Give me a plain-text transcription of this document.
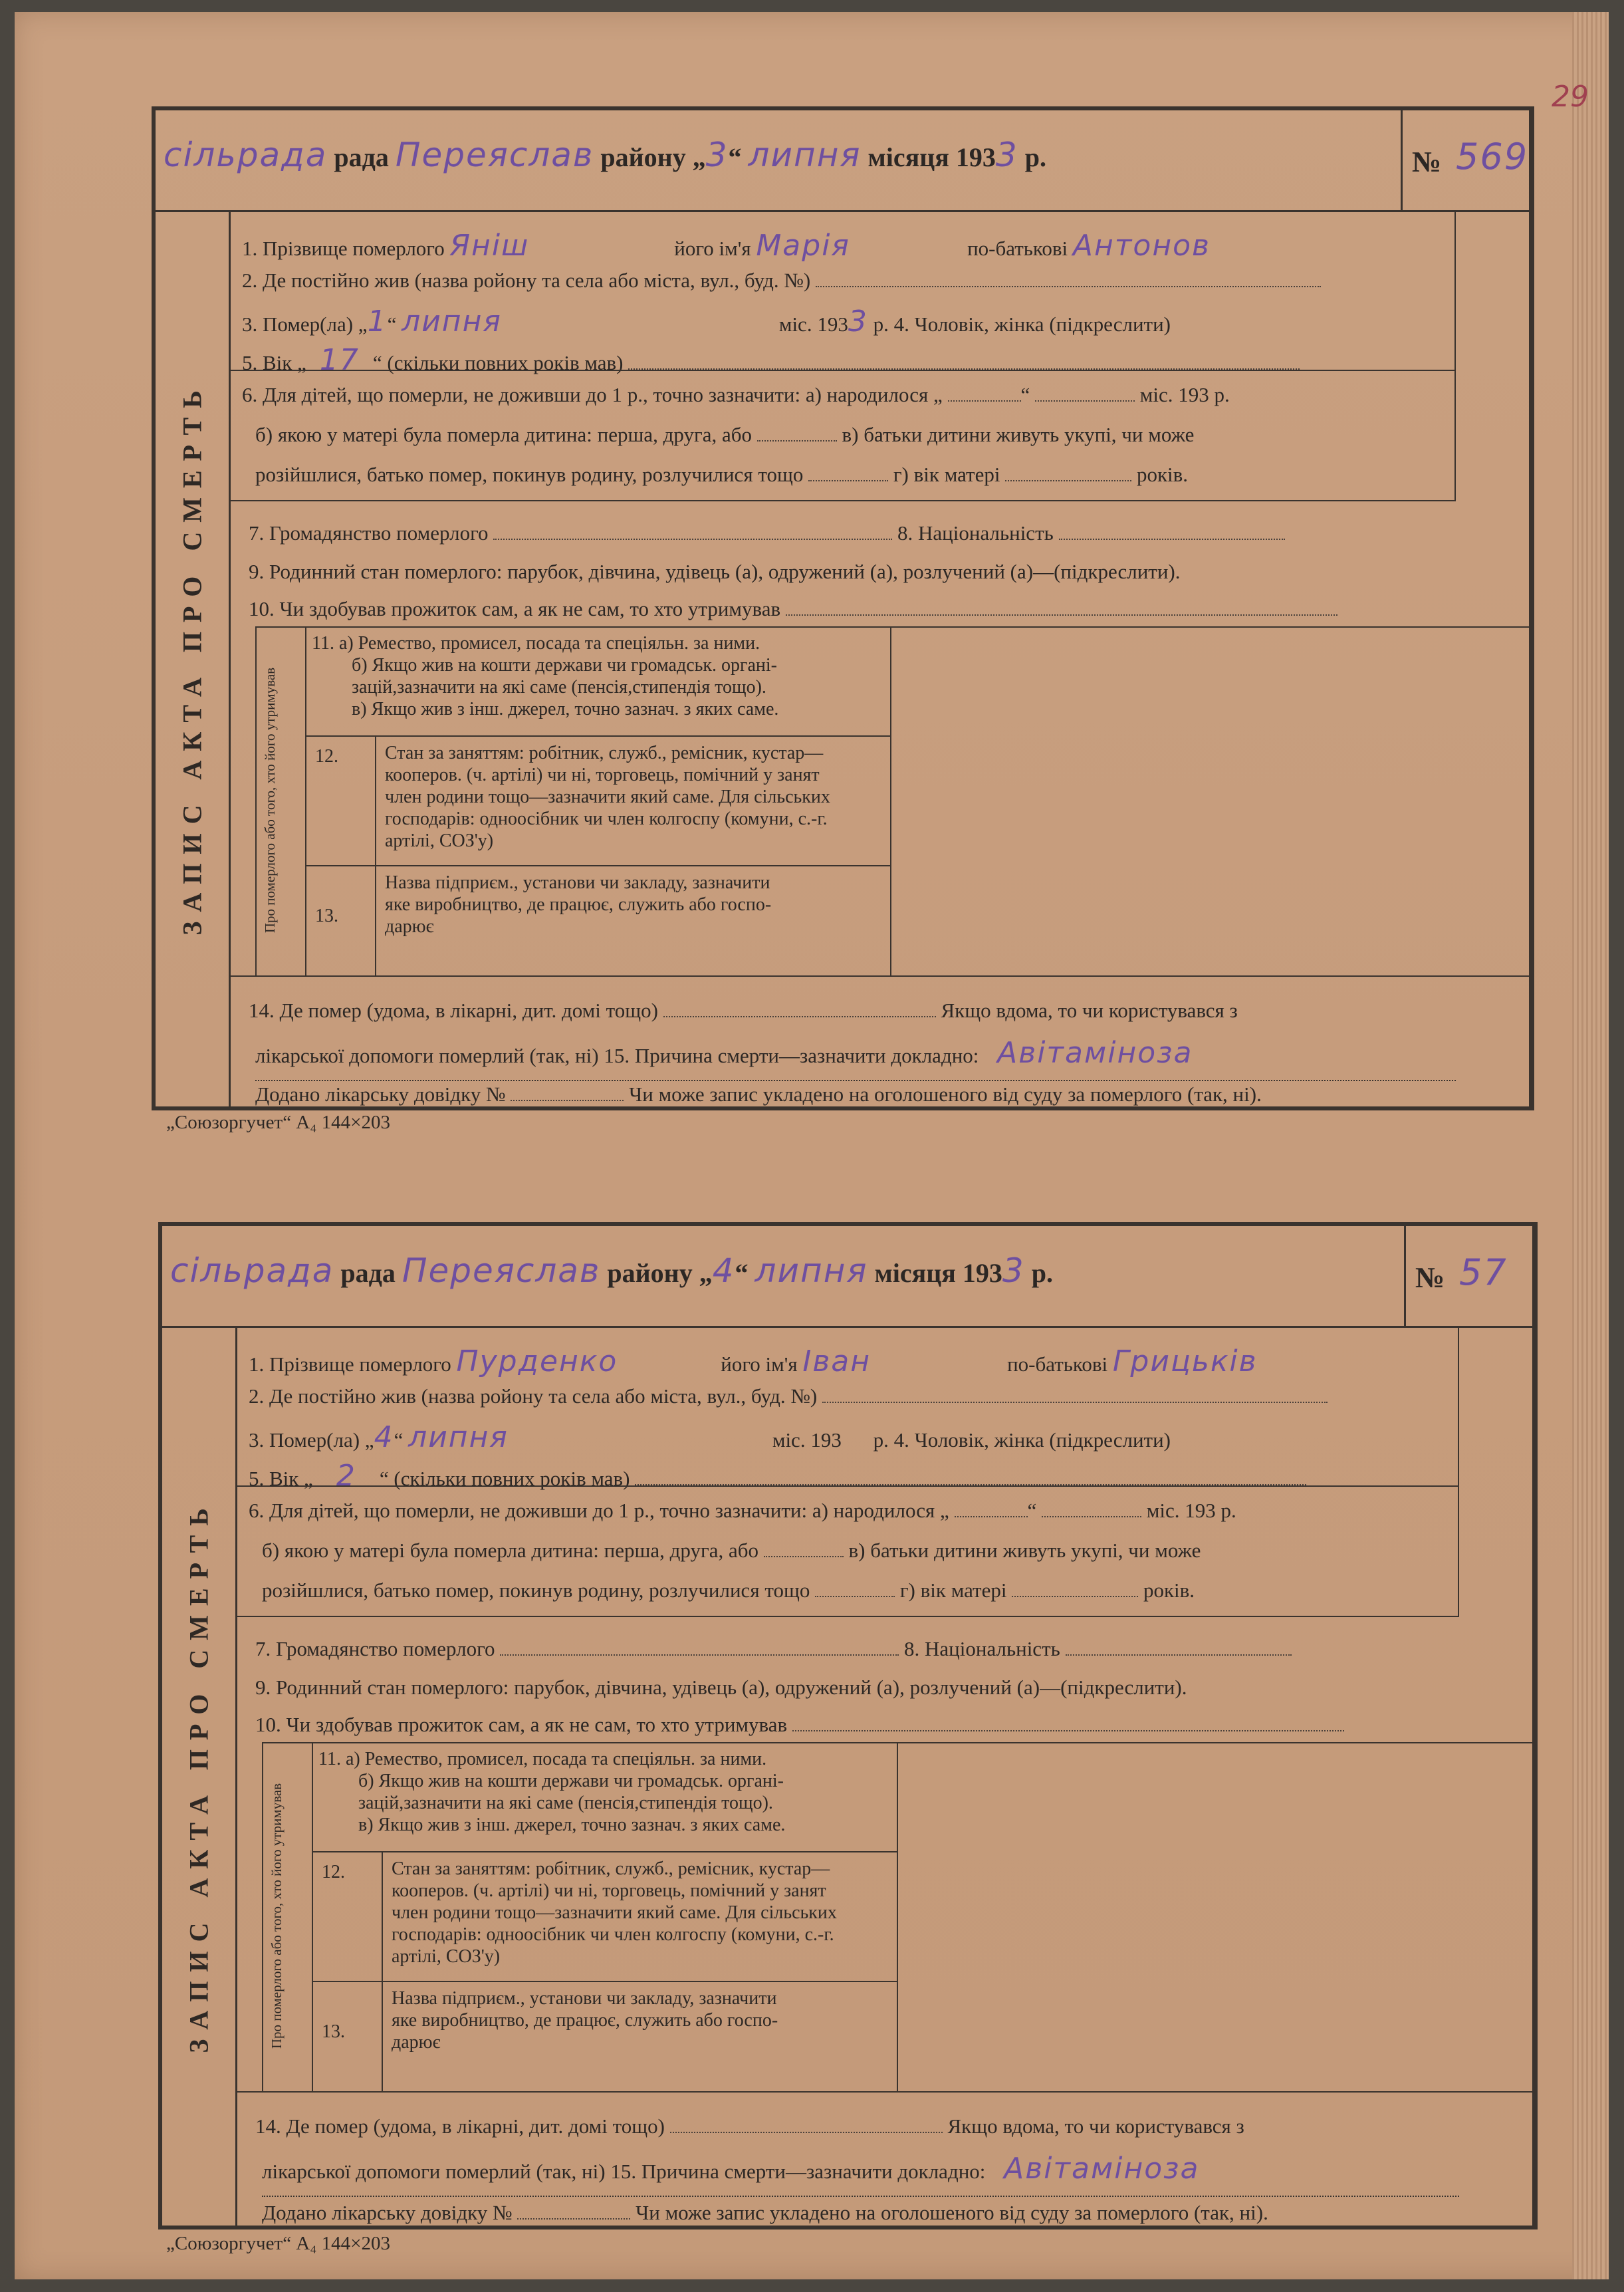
29
сільрада рада Переяслав району „3“ липня місяця 1933 р.	№ 569
ЗАПИС АКТА ПРО СМЕРТЬ
1. Прізвище померлого Яніш	його ім'я Марія	по-батькові Антонов
2. Де постійно жив (назва ройону та села або міста, вул., буд. №)
3. Помер(ла) „1“ липня	міс. 1933 р. 4. Чоловік, жінка (підкреслити)
5. Вік „ 17 “ (скільки повних років мав)
6. Для дітей, що померли, не доживши до 1 р., точно зазначити: а) народилося „	“	міс. 193 р.
б) якою у матері була померла дитина: перша, друга, або	в) батьки дитини живуть укупі, чи може
розійшлися, батько помер, покинув родину, розлучилися тощо	г) вік матері	років.
7. Громадянство померлого	8. Національність
9. Родинний стан померлого: парубок, дівчина, удівець (а), одружений (а), розлучений (а)—(підкреслити).
10. Чи здобував прожиток сам, а як не сам, то хто утримував
Про померлого або того, хто його утримував
11. а) Ремество, промисел, посада та спеціяльн. за ними.
б) Якщо жив на кошти держави чи громадськ. органі-
зацій,зазначити на які саме (пенсія,стипендія тощо).
в) Якщо жив з інш. джерел, точно зазнач. з яких саме.
12.	Стан за заняттям: робітник, служб., ремісник, кустар—
кооперов. (ч. артілі) чи ні, торговець, помічний у занят
член родини тощо—зазначити який саме. Для сільських
господарів: одноосібник чи член колгоспу (комуни, с.-г.
артілі, СОЗ'у)
13.
Назва підприєм., установи чи закладу, зазначити
яке виробництво, де працює, служить або госпо-
дарює
14. Де помер (удома, в лікарні, дит. домі тощо)	Якщо вдома, то чи користувався з
лікарської допомоги померлий (так, ні) 15. Причина смерти—зазначити докладно: Авітаміноза
Додано лікарську довідку №	Чи може запис укладено на оголошеного від суду за померлого (так, ні).
„Союзоргучет“ А₄ 144×203
сільрада рада Переяслав району „4“ липня місяця 1933 р.	№ 57
ЗАПИС АКТА ПРО СМЕРТЬ
1. Прізвище померлого Пурденко	його ім'я Іван	по-батькові Грицьків
2. Де постійно жив (назва ройону та села або міста, вул., буд. №)
3. Помер(ла) „4“ липня	міс. 193 р. 4. Чоловік, жінка (підкреслити)
5. Вік „ 2 “ (скільки повних років мав)
6. Для дітей, що померли, не доживши до 1 р., точно зазначити: а) народилося „	“	міс. 193 р.
б) якою у матері була померла дитина: перша, друга, або	в) батьки дитини живуть укупі, чи може
розійшлися, батько помер, покинув родину, розлучилися тощо	г) вік матері	років.
7. Громадянство померлого	8. Національність
9. Родинний стан померлого: парубок, дівчина, удівець (а), одружений (а), розлучений (а)—(підкреслити).
10. Чи здобував прожиток сам, а як не сам, то хто утримував
Про померлого або того, хто його утримував
11. а) Ремество, промисел, посада та спеціяльн. за ними.
б) Якщо жив на кошти держави чи громадськ. органі-
зацій,зазначити на які саме (пенсія,стипендія тощо).
в) Якщо жив з інш. джерел, точно зазнач. з яких саме.
12.	Стан за заняттям: робітник, служб., ремісник, кустар—
кооперов. (ч. артілі) чи ні, торговець, помічний у занят
член родини тощо—зазначити який саме. Для сільських
господарів: одноосібник чи член колгоспу (комуни, с.-г.
артілі, СОЗ'у)
13.
Назва підприєм., установи чи закладу, зазначити
яке виробництво, де працює, служить або госпо-
дарює
14. Де помер (удома, в лікарні, дит. домі тощо)	Якщо вдома, то чи користувався з
лікарської допомоги померлий (так, ні) 15. Причина смерти—зазначити докладно: Авітаміноза
Додано лікарську довідку №	Чи може запис укладено на оголошеного від суду за померлого (так, ні).
„Союзоргучет“ А₄ 144×203
